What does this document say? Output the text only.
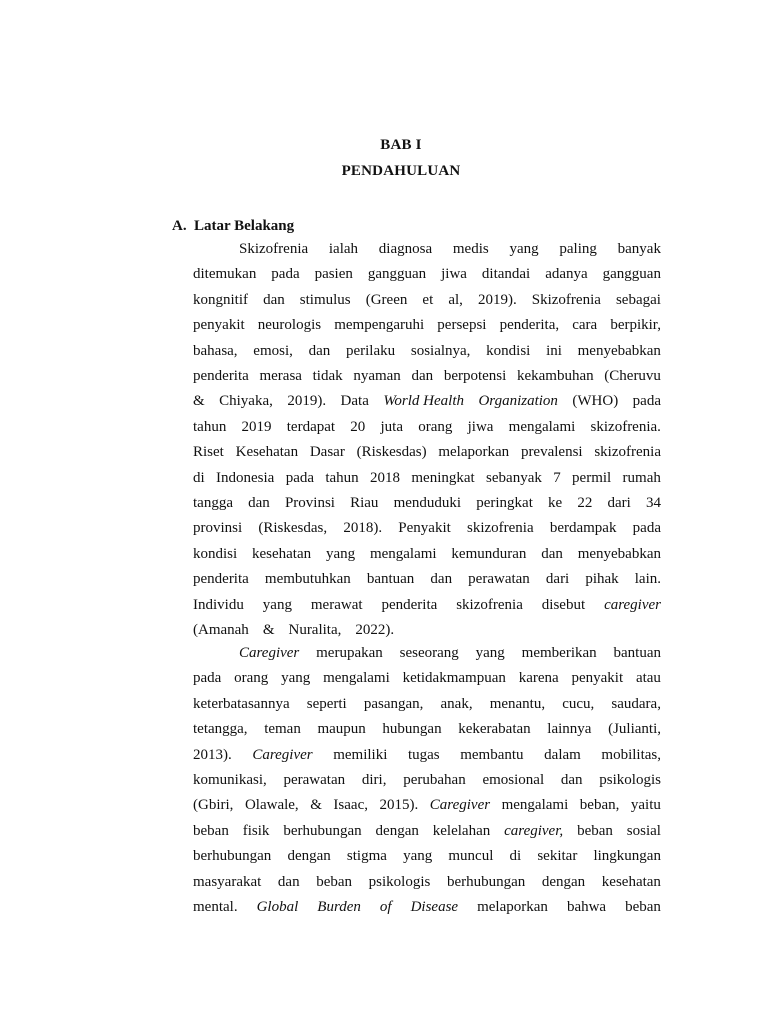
BAB I
PENDAHULUAN
A. Latar Belakang
Skizofrenia ialah diagnosa medis yang paling banyak
ditemukan pada pasien gangguan jiwa ditandai adanya gangguan
kongnitif dan stimulus (Green et al, 2019). Skizofrenia sebagai
penyakit neurologis mempengaruhi persepsi penderita, cara berpikir,
bahasa, emosi, dan perilaku sosialnya, kondisi ini menyebabkan
penderita merasa tidak nyaman dan berpotensi kekambuhan (Cheruvu
& Chiyaka, 2019). Data World Health Organization (WHO) pada
tahun 2019 terdapat 20 juta orang jiwa mengalami skizofrenia.
Riset Kesehatan Dasar (Riskesdas) melaporkan prevalensi skizofrenia
di Indonesia pada tahun 2018 meningkat sebanyak 7 permil rumah
tangga dan Provinsi Riau menduduki peringkat ke 22 dari 34
provinsi (Riskesdas, 2018). Penyakit skizofrenia berdampak pada
kondisi kesehatan yang mengalami kemunduran dan menyebabkan
penderita membutuhkan bantuan dan perawatan dari pihak lain.
Individu yang merawat penderita skizofrenia disebut caregiver
(Amanah & Nuralita, 2022).
Caregiver merupakan seseorang yang memberikan bantuan
pada orang yang mengalami ketidakmampuan karena penyakit atau
keterbatasannya seperti pasangan, anak, menantu, cucu, saudara,
tetangga, teman maupun hubungan kekerabatan lainnya (Julianti,
2013). Caregiver memiliki tugas membantu dalam mobilitas,
komunikasi, perawatan diri, perubahan emosional dan psikologis
(Gbiri, Olawale, & Isaac, 2015). Caregiver mengalami beban, yaitu
beban fisik berhubungan dengan kelelahan caregiver, beban sosial
berhubungan dengan stigma yang muncul di sekitar lingkungan
masyarakat dan beban psikologis berhubungan dengan kesehatan
mental. Global Burden of Disease melaporkan bahwa beban
